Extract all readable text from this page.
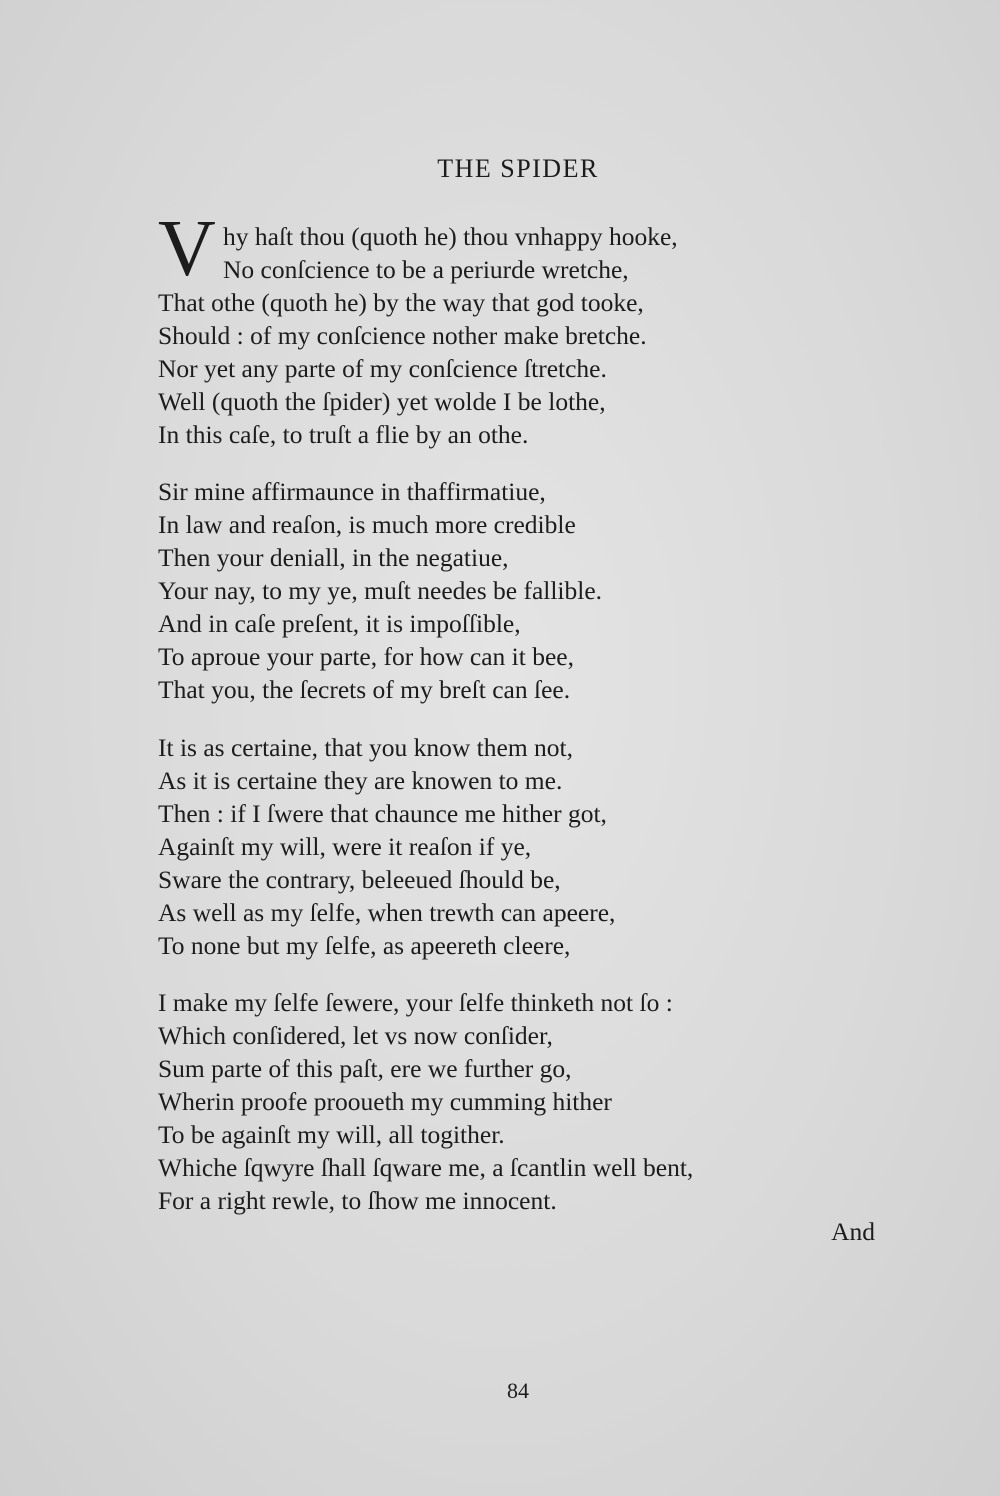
THE SPIDER
V hy haſt thou (quoth he) thou vnhappy hooke,
No conſcience to be a periurde wretche,
That othe (quoth he) by the way that god tooke,
Should : of my conſcience nother make bretche.
Nor yet any parte of my conſcience ſtretche.
Well (quoth the ſpider) yet wolde I be lothe,
In this caſe, to truſt a flie by an othe.
Sir mine affirmaunce in thaffirmatiue,
In law and reaſon, is much more credible
Then your deniall, in the negatiue,
Your nay, to my ye, muſt needes be fallible.
And in caſe preſent, it is impoſſible,
To aproue your parte, for how can it bee,
That you, the ſecrets of my breſt can ſee.
It is as certaine, that you know them not,
As it is certaine they are knowen to me.
Then : if I ſwere that chaunce me hither got,
Againſt my will, were it reaſon if ye,
Sware the contrary, beleeued ſhould be,
As well as my ſelfe, when trewth can apeere,
To none but my ſelfe, as apeereth cleere,
I make my ſelfe ſewere, your ſelfe thinketh not ſo :
Which conſidered, let vs now conſider,
Sum parte of this paſt, ere we further go,
Wherin proofe prooueth my cumming hither
To be againſt my will, all togither.
Whiche ſqwyre ſhall ſqware me, a ſcantlin well bent,
For a right rewle, to ſhow me innocent.
And
84
